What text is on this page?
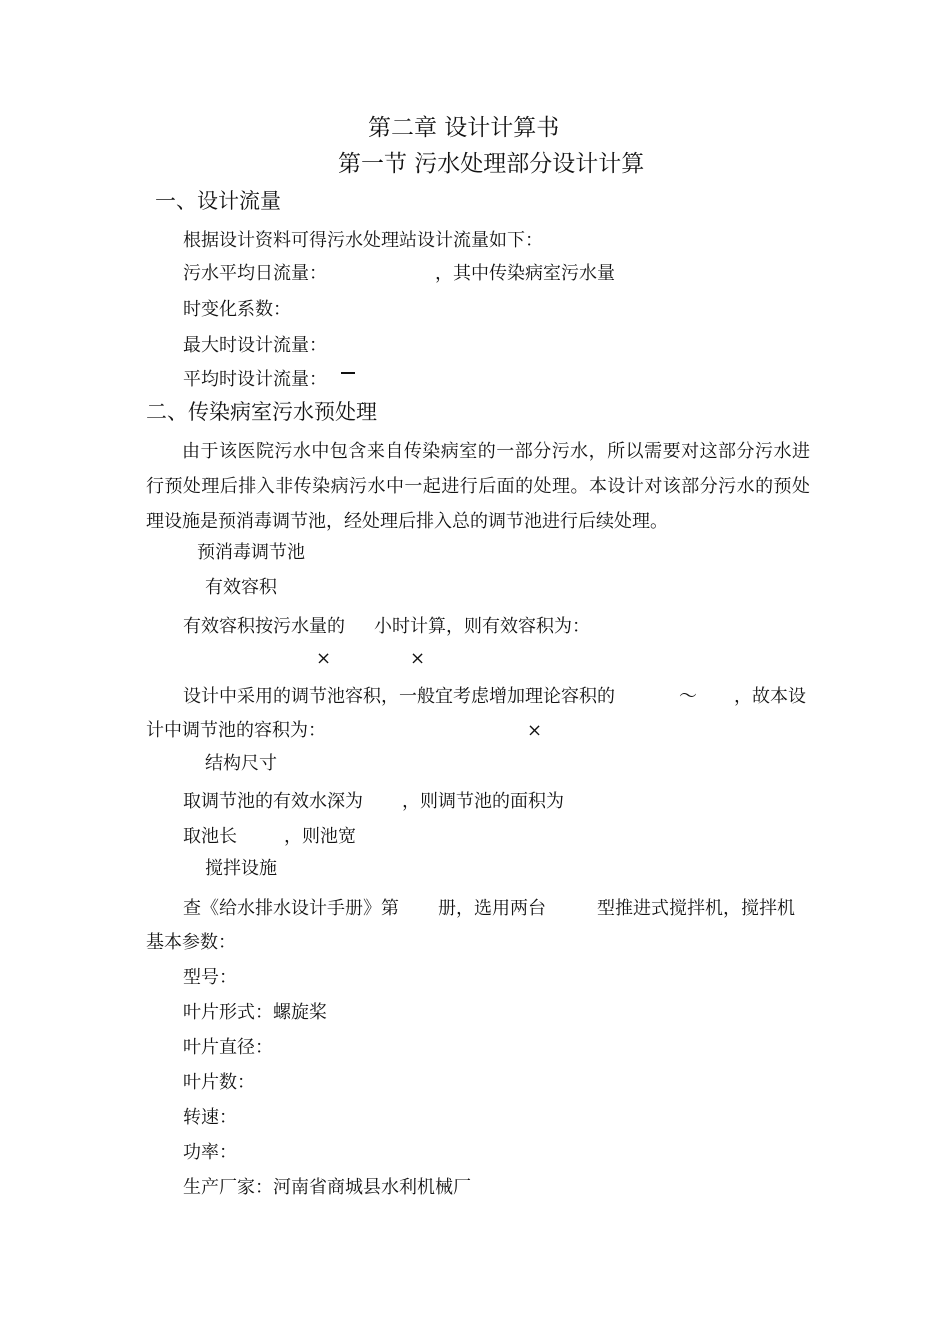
第二章 设计计算书
第一节 污水处理部分设计计算
一、设计流量
根据设计资料可得污水处理站设计流量如下：
污水平均日流量：	，其中传染病室污水量
时变化系数：
最大时设计流量：
平均时设计流量：
二、传染病室污水预处理
由于该医院污水中包含来自传染病室的一部分污水，所以需要对这部分污水进行预处理后排入非传染病污水中一起进行后面的处理。本设计对该部分污水的预处理设施是预消毒调节池，经处理后排入总的调节池进行后续处理。
预消毒调节池
有效容积
有效容积按污水量的 小时计算，则有效容积为：
×	×
设计中采用的调节池容积，一般宜考虑增加理论容积的	～ ，故本设
计中调节池的容积为：	×
结构尺寸
取调节池的有效水深为 ，则调节池的面积为
取池长	，则池宽
搅拌设施
查《给水排水设计手册》第 册，选用两台	型推进式搅拌机，搅拌机
基本参数：
型号：
叶片形式：螺旋桨
叶片直径：
叶片数：
转速：
功率：
生产厂家：河南省商城县水利机械厂
